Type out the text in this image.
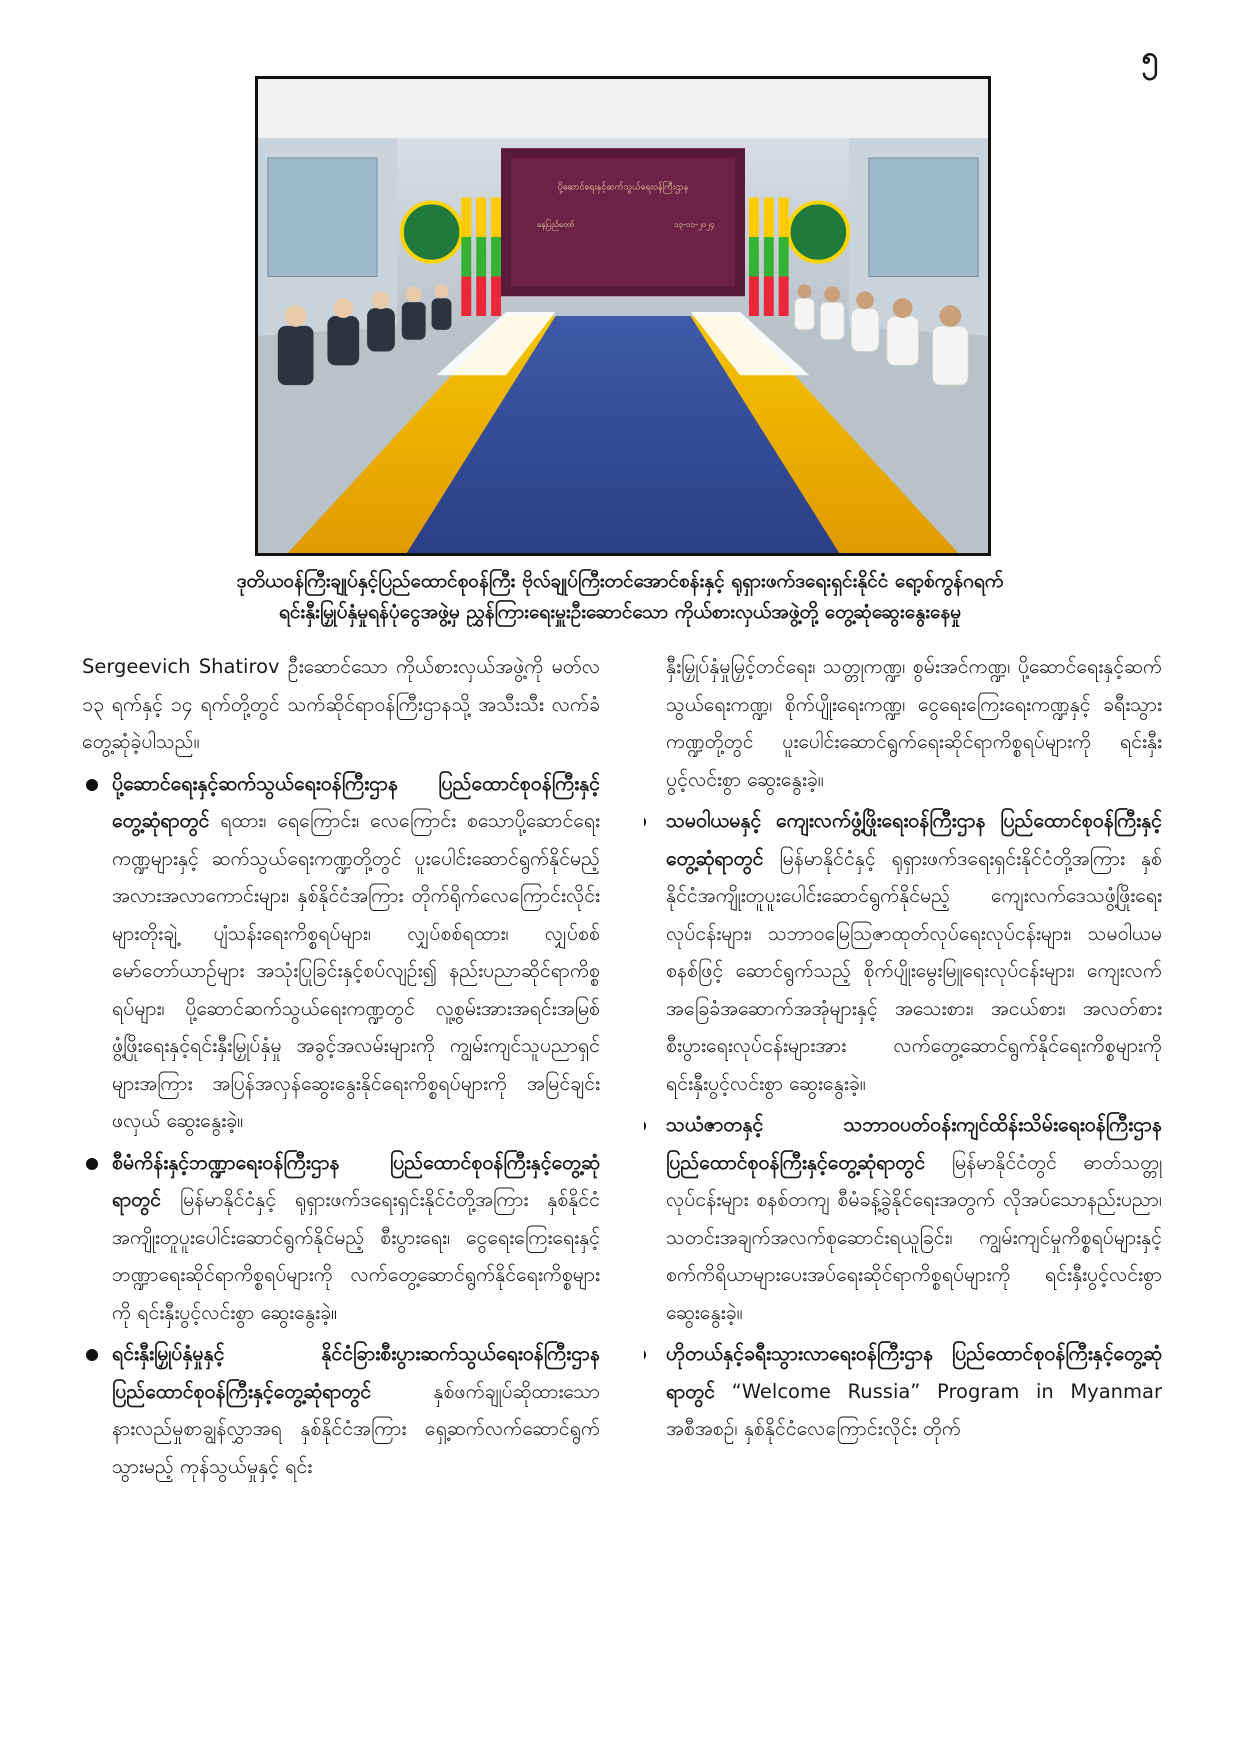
၅
ပို့ဆောင်ရေးနှင့်ဆက်သွယ်ရေးဝန်ကြီးဌာန
နေပြည်တော်	၁၃-၁၁-၂၀၂၄
ဒုတိယဝန်ကြီးချုပ်နှင့်ပြည်ထောင်စုဝန်ကြီး ဗိုလ်ချုပ်ကြီးတင်အောင်စန်းနှင့် ရုရှားဖက်ဒရေးရှင်းနိုင်ငံ ရော့စ်ကွန်ဂရက်
ရင်းနှီးမြှုပ်နှံမှုရန်ပုံငွေအဖွဲ့မှ ညွှန်ကြားရေးမှူးဦးဆောင်သော ကိုယ်စားလှယ်အဖွဲ့တို့ တွေ့ဆုံဆွေးနွေးနေမှု

Sergeevich Shatirov ဦးဆောင်သော ကိုယ်စားလှယ်အဖွဲ့ကို မတ်လ ၁၃ ရက်နှင့် ၁၄ ရက်တို့တွင် သက်ဆိုင်ရာဝန်ကြီးဌာနသို့ အသီးသီး လက်ခံတွေ့ဆုံခဲ့ပါသည်။

ပို့ဆောင်ရေးနှင့်ဆက်သွယ်ရေးဝန်ကြီးဌာန ပြည်ထောင်စုဝန်ကြီးနှင့်တွေ့ဆုံရာတွင် ရထား၊ ရေကြောင်း၊ လေကြောင်း စသောပို့ဆောင်ရေးကဏ္ဍများနှင့် ဆက်သွယ်ရေးကဏ္ဍတို့တွင် ပူးပေါင်းဆောင်ရွက်နိုင်မည့် အလားအလာကောင်းများ၊ နှစ်နိုင်ငံအကြား တိုက်ရိုက်လေကြောင်းလိုင်းများတိုးချဲ့ ပျံသန်းရေးကိစ္စရပ်များ၊ လျှပ်စစ်ရထား၊ လျှပ်စစ်မော်တော်ယာဉ်များ အသုံးပြုခြင်းနှင့်စပ်လျဉ်း၍ နည်းပညာဆိုင်ရာကိစ္စရပ်များ၊ ပို့ဆောင်ဆက်သွယ်ရေးကဏ္ဍတွင် လူ့စွမ်းအားအရင်းအမြစ် ဖွံ့ဖြိုးရေးနှင့်ရင်းနှီးမြှုပ်နှံမှု အခွင့်အလမ်းများကို ကျွမ်းကျင်သူပညာရှင်များအကြား အပြန်အလှန်ဆွေးနွေးနိုင်ရေးကိစ္စရပ်များကို အမြင်ချင်းဖလှယ် ဆွေးနွေးခဲ့။
စီမံကိန်းနှင့်ဘဏ္ဍာရေးဝန်ကြီးဌာန ပြည်ထောင်စုဝန်ကြီးနှင့်တွေ့ဆုံရာတွင် မြန်မာနိုင်ငံနှင့် ရုရှားဖက်ဒရေးရှင်းနိုင်ငံတို့အကြား နှစ်နိုင်ငံအကျိုးတူပူးပေါင်းဆောင်ရွက်နိုင်မည့် စီးပွားရေး၊ ငွေရေးကြေးရေးနှင့် ဘဏ္ဍာရေးဆိုင်ရာကိစ္စရပ်များကို လက်တွေ့ဆောင်ရွက်နိုင်ရေးကိစ္စများကို ရင်းနှီးပွင့်လင်းစွာ ဆွေးနွေးခဲ့။
ရင်းနှီးမြှုပ်နှံမှုနှင့် နိုင်ငံခြားစီးပွားဆက်သွယ်ရေးဝန်ကြီးဌာန ပြည်ထောင်စုဝန်ကြီးနှင့်တွေ့ဆုံရာတွင် နှစ်ဖက်ချုပ်ဆိုထားသော နားလည်မှုစာချွန်လွှာအရ နှစ်နိုင်ငံအကြား ရှေ့ဆက်လက်ဆောင်ရွက်သွားမည့် ကုန်သွယ်မှုနှင့် ရင်း

နှီးမြှုပ်နှံမှုမြှင့်တင်ရေး၊ သတ္တုကဏ္ဍ၊ စွမ်းအင်ကဏ္ဍ၊ ပို့ဆောင်ရေးနှင့်ဆက်သွယ်ရေးကဏ္ဍ၊ စိုက်ပျိုးရေးကဏ္ဍ၊ ငွေရေးကြေးရေးကဏ္ဍနှင့် ခရီးသွားကဏ္ဍတို့တွင် ပူးပေါင်းဆောင်ရွက်ရေးဆိုင်ရာကိစ္စရပ်များကို ရင်းနှီးပွင့်လင်းစွာ ဆွေးနွေးခဲ့။

သမဝါယမနှင့် ကျေးလက်ဖွံ့ဖြိုးရေးဝန်ကြီးဌာန ပြည်ထောင်စုဝန်ကြီးနှင့်တွေ့ဆုံရာတွင် မြန်မာနိုင်ငံနှင့် ရုရှားဖက်ဒရေးရှင်းနိုင်ငံတို့အကြား နှစ်နိုင်ငံအကျိုးတူပူးပေါင်းဆောင်ရွက်နိုင်မည့် ကျေးလက်ဒေသဖွံ့ဖြိုးရေးလုပ်ငန်းများ၊ သဘာဝမြေဩဇာထုတ်လုပ်ရေးလုပ်ငန်းများ၊ သမဝါယမစနစ်ဖြင့် ဆောင်ရွက်သည့် စိုက်ပျိုးမွေးမြူရေးလုပ်ငန်းများ၊ ကျေးလက်အခြေခံအဆောက်အအုံများနှင့် အသေးစား၊ အငယ်စား၊ အလတ်စားစီးပွားရေးလုပ်ငန်းများအား လက်တွေ့ဆောင်ရွက်နိုင်ရေးကိစ္စများကို ရင်းနှီးပွင့်လင်းစွာ ဆွေးနွေးခဲ့။
သယံဇာတနှင့် သဘာဝပတ်ဝန်းကျင်ထိန်းသိမ်းရေးဝန်ကြီးဌာန ပြည်ထောင်စုဝန်ကြီးနှင့်တွေ့ဆုံရာတွင် မြန်မာနိုင်ငံတွင် ဓာတ်သတ္တုလုပ်ငန်းများ စနစ်တကျ စီမံခန့်ခွဲနိုင်ရေးအတွက် လိုအပ်သောနည်းပညာ၊ သတင်းအချက်အလက်စုဆောင်းရယူခြင်း၊ ကျွမ်းကျင်မှုကိစ္စရပ်များနှင့် စက်ကိရိယာများပေးအပ်ရေးဆိုင်ရာကိစ္စရပ်များကို ရင်းနှီးပွင့်လင်းစွာဆွေးနွေးခဲ့။
ဟိုတယ်နှင့်ခရီးသွားလာရေးဝန်ကြီးဌာန ပြည်ထောင်စုဝန်ကြီးနှင့်တွေ့ဆုံရာတွင် “Welcome Russia” Program in Myanmar အစီအစဉ်၊ နှစ်နိုင်ငံလေကြောင်းလိုင်း တိုက်
